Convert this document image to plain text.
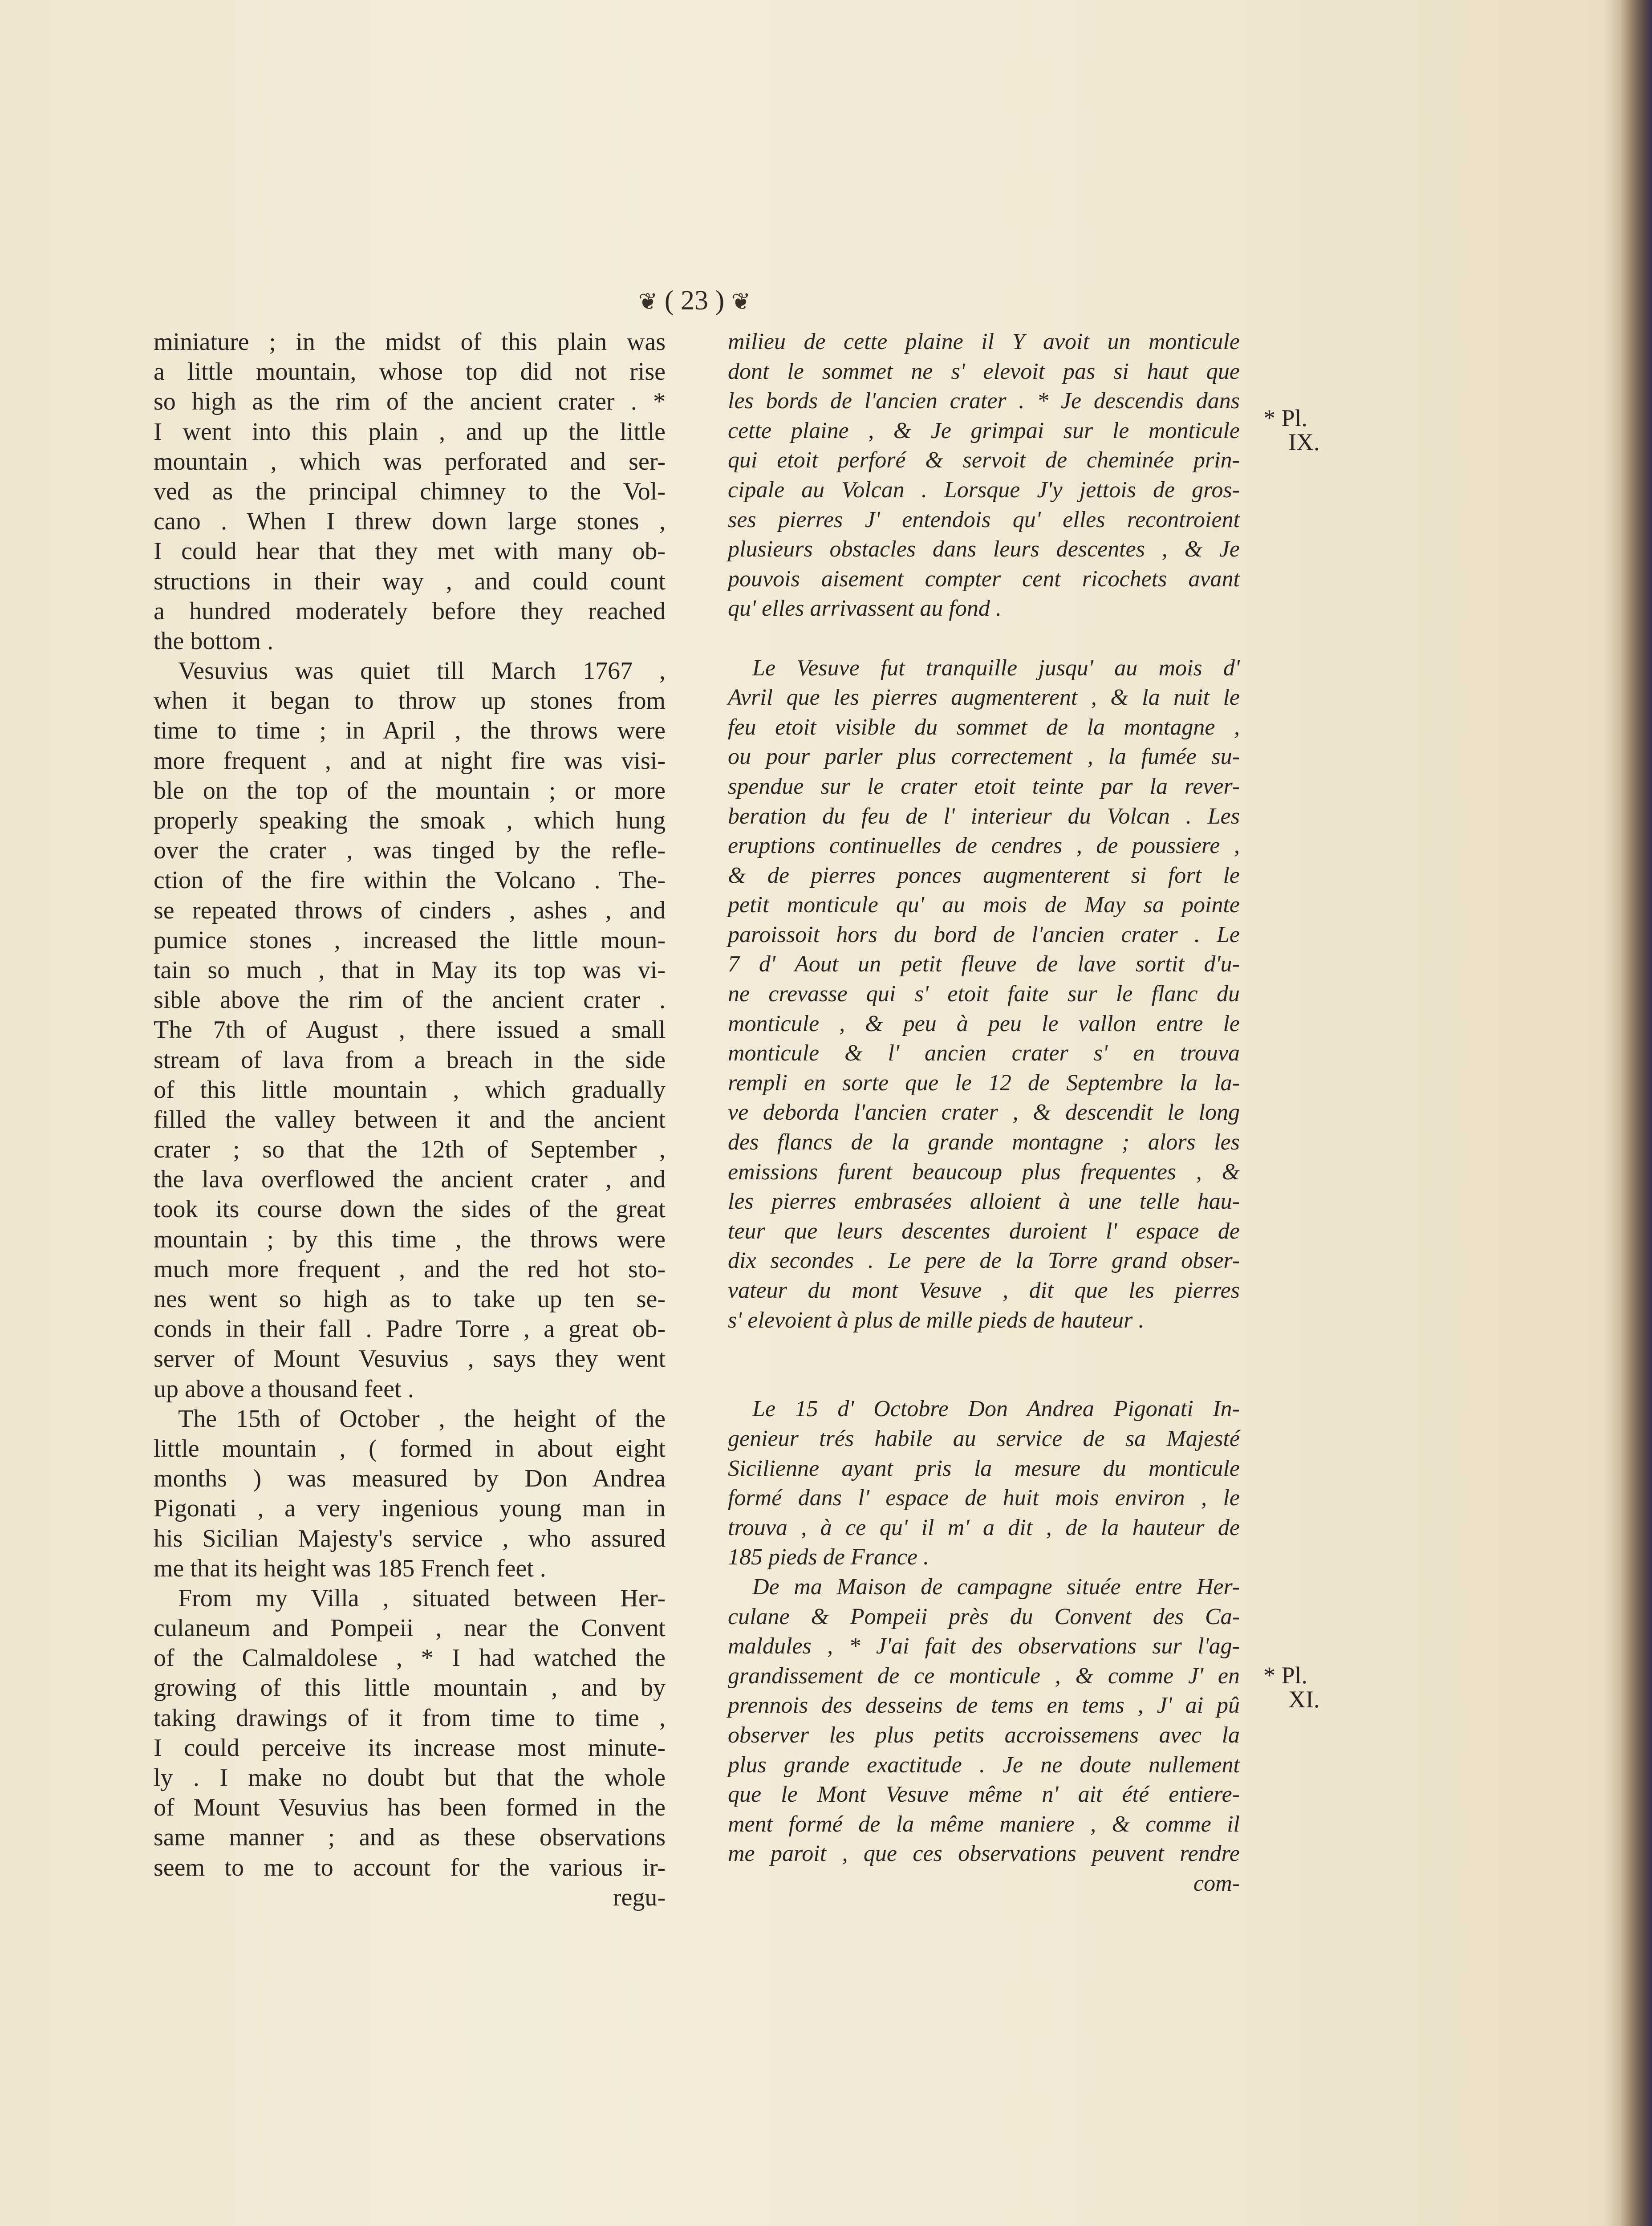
❦ ( 23 ) ❦
miniature ; in the midst of this plain was
a little mountain, whose top did not rise
so high as the rim of the ancient crater . *
I went into this plain , and up the little
mountain , which was perforated and ser-
ved as the principal chimney to the Vol-
cano . When I threw down large stones ,
I could hear that they met with many ob-
structions in their way , and could count
a hundred moderately before they reached
the bottom .
Vesuvius was quiet till March 1767 ,
when it began to throw up stones from
time to time ; in April , the throws were
more frequent , and at night fire was visi-
ble on the top of the mountain ; or more
properly speaking the smoak , which hung
over the crater , was tinged by the refle-
ction of the fire within the Volcano . The-
se repeated throws of cinders , ashes , and
pumice stones , increased the little moun-
tain so much , that in May its top was vi-
sible above the rim of the ancient crater .
The 7th of August , there issued a small
stream of lava from a breach in the side
of this little mountain , which gradually
filled the valley between it and the ancient
crater ; so that the 12th of September ,
the lava overflowed the ancient crater , and
took its course down the sides of the great
mountain ; by this time , the throws were
much more frequent , and the red hot sto-
nes went so high as to take up ten se-
conds in their fall . Padre Torre , a great ob-
server of Mount Vesuvius , says they went
up above a thousand feet .
The 15th of October , the height of the
little mountain , ( formed in about eight
months ) was measured by Don Andrea
Pigonati , a very ingenious young man in
his Sicilian Majesty's service , who assured
me that its height was 185 French feet .
From my Villa , situated between Her-
culaneum and Pompeii , near the Convent
of the Calmaldolese , * I had watched the
growing of this little mountain , and by
taking drawings of it from time to time ,
I could perceive its increase most minute-
ly . I make no doubt but that the whole
of Mount Vesuvius has been formed in the
same manner ; and as these observations
seem to me to account for the various ir-
regu-
milieu de cette plaine il Y avoit un monticule
dont le sommet ne s' elevoit pas si haut que
les bords de l'ancien crater . * Je descendis dans
cette plaine , & Je grimpai sur le monticule
qui etoit perforé & servoit de cheminée prin-
cipale au Volcan . Lorsque J'y jettois de gros-
ses pierres J' entendois qu' elles recontroient
plusieurs obstacles dans leurs descentes , & Je
pouvois aisement compter cent ricochets avant
qu' elles arrivassent au fond .
Le Vesuve fut tranquille jusqu' au mois d'
Avril que les pierres augmenterent , & la nuit le
feu etoit visible du sommet de la montagne ,
ou pour parler plus correctement , la fumée su-
spendue sur le crater etoit teinte par la rever-
beration du feu de l' interieur du Volcan . Les
eruptions continuelles de cendres , de poussiere ,
& de pierres ponces augmenterent si fort le
petit monticule qu' au mois de May sa pointe
paroissoit hors du bord de l'ancien crater . Le
7 d' Aout un petit fleuve de lave sortit d'u-
ne crevasse qui s' etoit faite sur le flanc du
monticule , & peu à peu le vallon entre le
monticule & l' ancien crater s' en trouva
rempli en sorte que le 12 de Septembre la la-
ve deborda l'ancien crater , & descendit le long
des flancs de la grande montagne ; alors les
emissions furent beaucoup plus frequentes , &
les pierres embrasées alloient à une telle hau-
teur que leurs descentes duroient l' espace de
dix secondes . Le pere de la Torre grand obser-
vateur du mont Vesuve , dit que les pierres
s' elevoient à plus de mille pieds de hauteur .
Le 15 d' Octobre Don Andrea Pigonati In-
genieur trés habile au service de sa Majesté
Sicilienne ayant pris la mesure du monticule
formé dans l' espace de huit mois environ , le
trouva , à ce qu' il m' a dit , de la hauteur de
185 pieds de France .
De ma Maison de campagne située entre Her-
culane & Pompeii près du Convent des Ca-
maldules , * J'ai fait des observations sur l'ag-
grandissement de ce monticule , & comme J' en
prennois des desseins de tems en tems , J' ai pû
observer les plus petits accroissemens avec la
plus grande exactitude . Je ne doute nullement
que le Mont Vesuve même n' ait été entiere-
ment formé de la même maniere , & comme il
me paroit , que ces observations peuvent rendre
com-
* Pl.
IX.
* Pl.
XI.
